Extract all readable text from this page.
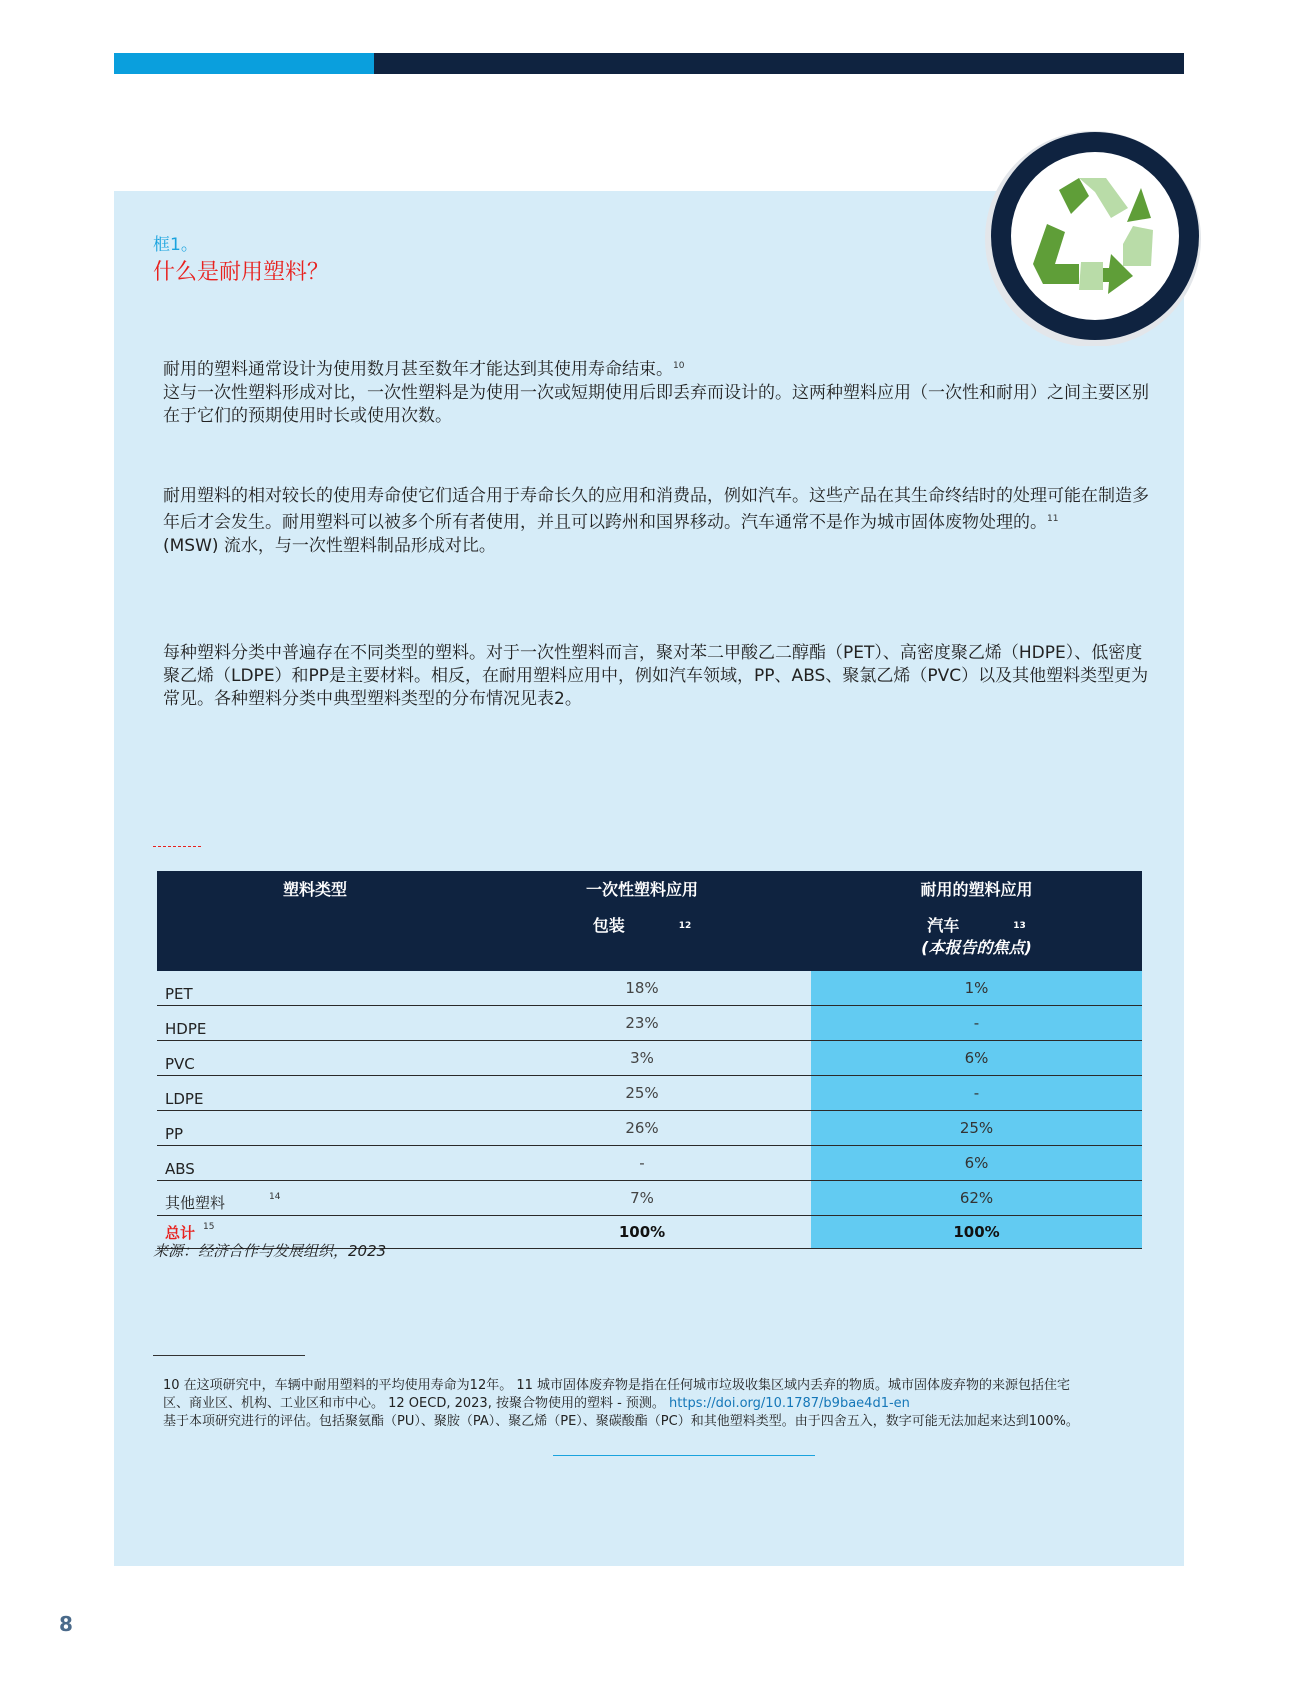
框1。
什么是耐用塑料？
耐用的塑料通常设计为使用数月甚至数年才能达到其使用寿命结束。$^{10}$
这与一次性塑料形成对比，一次性塑料是为使用一次或短期使用后即丢弃而设计的。这两种塑料应用（一次性和耐用）之间主要区别在于它们的预期使用时长或使用次数。
耐用塑料的相对较长的使用寿命使它们适合用于寿命长久的应用和消费品，例如汽车。这些产品在其生命终结时的处理可能在制造多年后才会发生。耐用塑料可以被多个所有者使用，并且可以跨州和国界移动。汽车通常不是作为城市固体废物处理的。$^{11}$
(MSW) 流水，与一次性塑料制品形成对比。
每种塑料分类中普遍存在不同类型的塑料。对于一次性塑料而言，聚对苯二甲酸乙二醇酯（PET）、高密度聚乙烯（HDPE）、低密度聚乙烯（LDPE）和PP是主要材料。相反，在耐用塑料应用中，例如汽车领域，PP、ABS、聚氯乙烯（PVC）以及其他塑料类型更为常见。各种塑料分类中典型塑料类型的分布情况见表2。
塑料类型	一次性塑料应用	耐用的塑料应用
	包装 $^{12}$	汽车 $^{13}$
(本报告的焦点)

PET	18%	1%
HDPE	23%	-
PVC	3%	6%
LDPE	25%	-
PP	26%	25%
ABS	-	6%
其他塑料 $^{14}$	7%	62%
总计 $^{15}$	100%	100%
来源：经济合作与发展组织，2023
10 在这项研究中，车辆中耐用塑料的平均使用寿命为12年。 11 城市固体废弃物是指在任何城市垃圾收集区域内丢弃的物质。城市固体废弃物的来源包括住宅区、商业区、机构、工业区和市中心。 12 OECD, 2023, 按聚合物使用的塑料 - 预测。 https://doi.org/10.1787/b9bae4d1-en
基于本项研究进行的评估。包括聚氨酯（PU）、聚胺（PA）、聚乙烯（PE）、聚碳酸酯（PC）和其他塑料类型。由于四舍五入，数字可能无法加起来达到100%。
8
